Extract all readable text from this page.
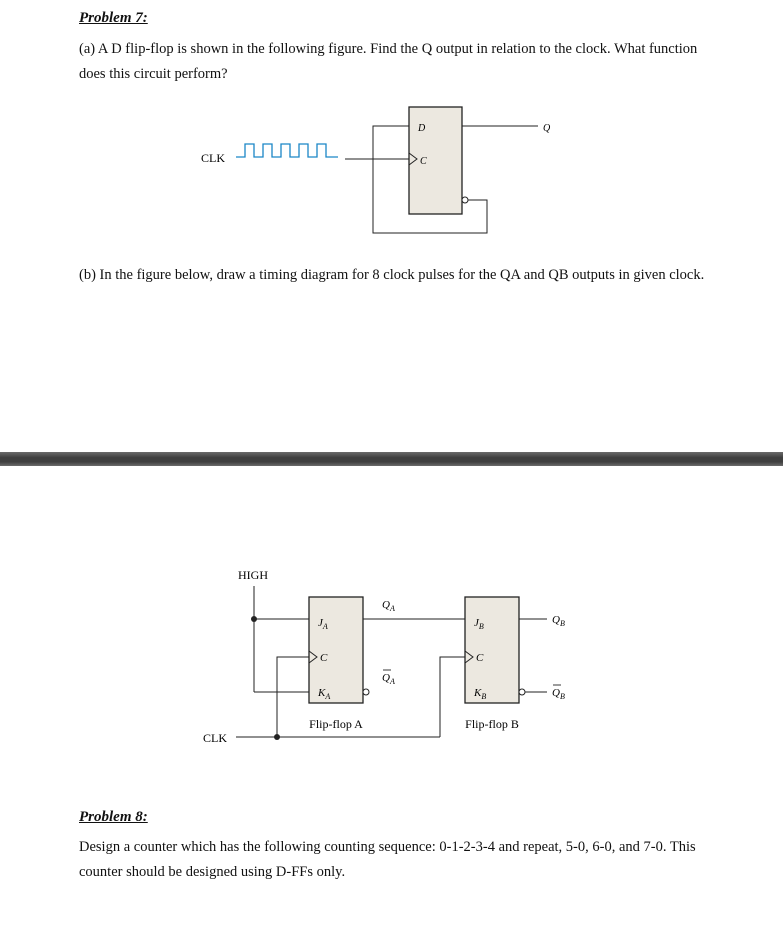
Problem 7:
(a) A D flip-flop is shown in the following figure. Find the Q output in relation to the clock. What function does this circuit perform?
CLK
D
C
Q
(b) In the figure below, draw a timing diagram for 8 clock pulses for the QA and QB outputs in given clock.
HIGH
$J_A$
C
$K_A$
Flip-flop A
$Q_A$
$Q_A$
CLK
$J_B$
C
$K_B$
Flip-flop B
$Q_B$
$Q_B$
Problem 8:
Design a counter which has the following counting sequence: 0-1-2-3-4 and repeat, 5-0, 6-0, and 7-0. This counter should be designed using D-FFs only.
